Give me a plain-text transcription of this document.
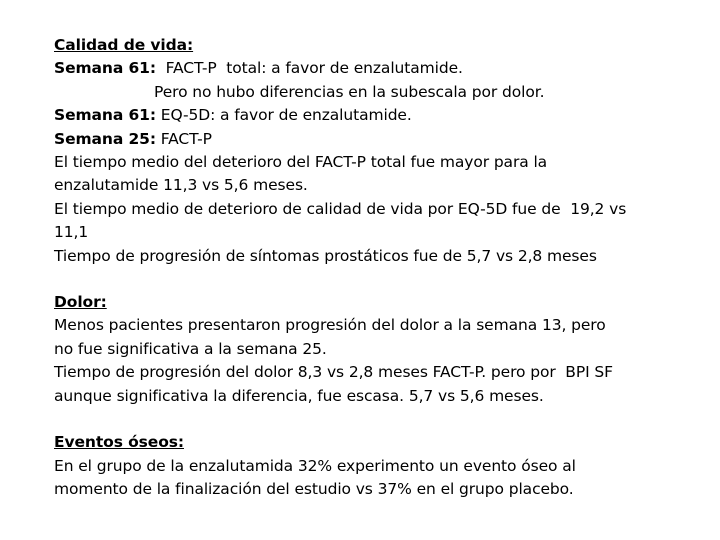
Calidad de vida:
Semana 61:  FACT-P  total: a favor de enzalutamide.
Pero no hubo diferencias en la subescala por dolor.
Semana 61: EQ-5D: a favor de enzalutamide.
Semana 25: FACT-P
El tiempo medio del deterioro del FACT-P total fue mayor para la
enzalutamide 11,3 vs 5,6 meses.
El tiempo medio de deterioro de calidad de vida por EQ-5D fue de  19,2 vs
11,1
Tiempo de progresión de síntomas prostáticos fue de 5,7 vs 2,8 meses
Dolor:
Menos pacientes presentaron progresión del dolor a la semana 13, pero
no fue significativa a la semana 25.
Tiempo de progresión del dolor 8,3 vs 2,8 meses FACT-P. pero por  BPI SF
aunque significativa la diferencia, fue escasa. 5,7 vs 5,6 meses.
Eventos óseos:
En el grupo de la enzalutamida 32% experimento un evento óseo al
momento de la finalización del estudio vs 37% en el grupo placebo.
